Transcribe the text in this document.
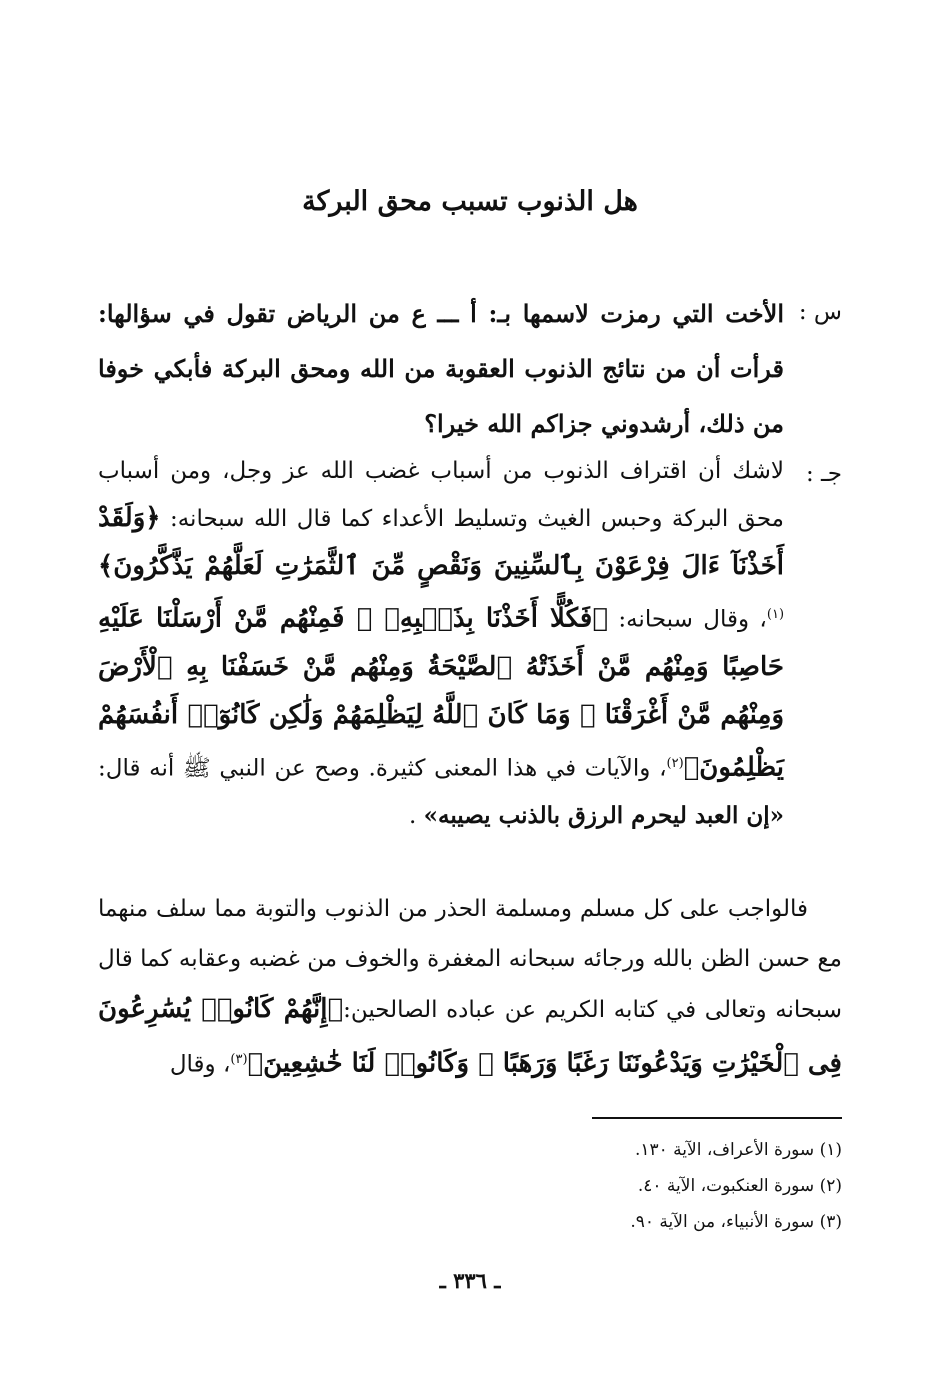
هل الذنوب تسبب محق البركة
س :
الأخت التي رمزت لاسمها بـ: أ ـــ ع من الرياض تقول في سؤالها: قرأت أن من نتائج الذنوب العقوبة من الله ومحق البركة فأبكي خوفا من ذلك، أرشدوني جزاكم الله خيرا؟
جـ :
لاشك أن اقتراف الذنوب من أسباب غضب الله عز وجل، ومن أسباب محق البركة وحبس الغيث وتسليط الأعداء كما قال الله سبحانه: ﴿وَلَقَدْ أَخَذْنَآ ءَالَ فِرْعَوْنَ بِٱلسِّنِينَ وَنَقْصٍ مِّنَ ٱلثَّمَرَٰتِ لَعَلَّهُمْ يَذَّكَّرُونَ﴾$^{(١)}$، وقال سبحانه: ﴿فَكُلًّا أَخَذْنَا بِذَنۢبِهِۦ ۖ فَمِنْهُم مَّنْ أَرْسَلْنَا عَلَيْهِ حَاصِبًا وَمِنْهُم مَّنْ أَخَذَتْهُ ٱلصَّيْحَةُ وَمِنْهُم مَّنْ خَسَفْنَا بِهِ ٱلْأَرْضَ وَمِنْهُم مَّنْ أَغْرَقْنَا ۚ وَمَا كَانَ ٱللَّهُ لِيَظْلِمَهُمْ وَلَٰكِن كَانُوٓا۟ أَنفُسَهُمْ يَظْلِمُونَ﴾$^{(٢)}$، والآيات في هذا المعنى كثيرة. وصح عن النبي ﷺ أنه قال: «إن العبد ليحرم الرزق بالذنب يصيبه» .
فالواجب على كل مسلم ومسلمة الحذر من الذنوب والتوبة مما سلف منهما مع حسن الظن بالله ورجائه سبحانه المغفرة والخوف من غضبه وعقابه كما قال سبحانه وتعالى في كتابه الكريم عن عباده الصالحين:﴿إِنَّهُمْ كَانُوا۟ يُسَٰرِعُونَ فِى ٱلْخَيْرَٰتِ وَيَدْعُونَنَا رَغَبًا وَرَهَبًا ۖ وَكَانُوا۟ لَنَا خَٰشِعِينَ﴾$^{(٣)}$، وقال
(١) سورة الأعراف، الآية ١٣٠.
(٢) سورة العنكبوت، الآية ٤٠.
(٣) سورة الأنبياء، من الآية ٩٠.
ـ ٣٣٦ ـ
